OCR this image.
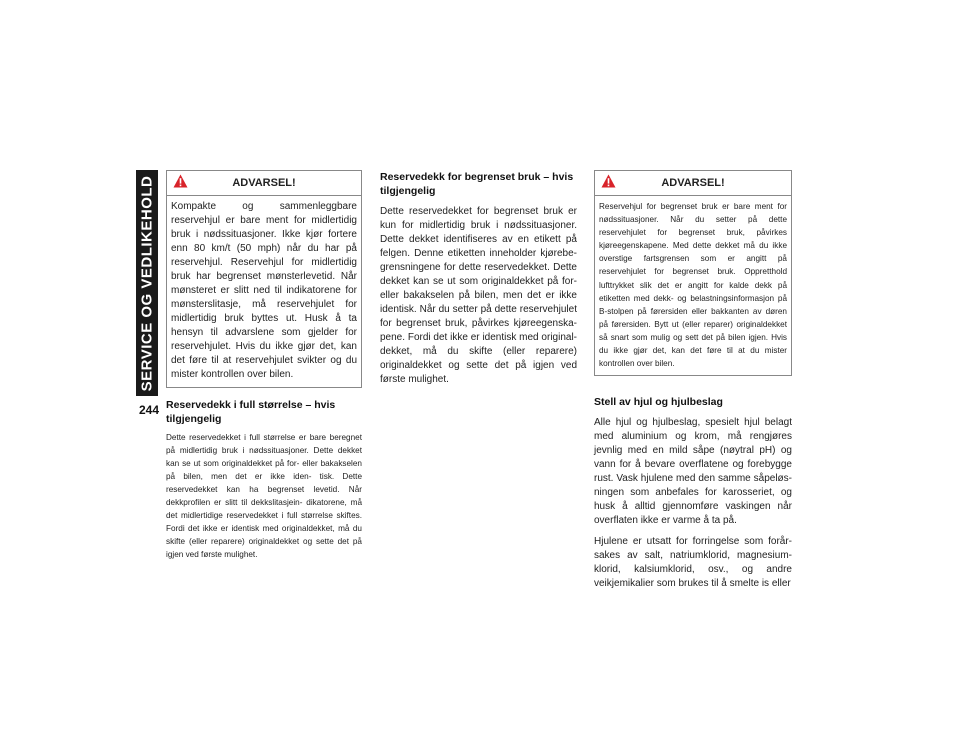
SERVICE OG VEDLIKEHOLD
244
ADVARSEL!
Kompakte og sammenleggbare reservehjul er bare ment for midlertidig bruk i nødssituasjoner. Ikke kjør fortere enn 80 km/t (50 mph) når du har på reservehjul. Reservehjul for midlertidig bruk har begrenset mønsterlevetid. Når mønsteret er slitt ned til indikatorene for mønsterslitasje, må reservehjulet for midlertidig bruk byttes ut. Husk å ta hensyn til advarslene som gjelder for reservehjulet. Hvis du ikke gjør det, kan det føre til at reservehjulet svikter og du mister kontrollen over bilen.
Reservedekk i full størrelse – hvis tilgjengelig

Dette reservedekket i full størrelse er bare beregnet på midlertidig bruk i nødssituasjoner. Dette dekket kan se ut som originaldekket på for- eller bakakselen på bilen, men det er ikke iden- tisk. Dette reservedekket kan ha begrenset levetid. Når dekkprofilen er slitt til dekkslitasjein- dikatorene, må det midlertidige reservedekket i full størrelse skiftes. Fordi det ikke er identisk med originaldekket, må du skifte (eller reparere) originaldekket og sette det på igjen ved første mulighet.

Reservedekk for begrenset bruk – hvis tilgjengelig

Dette reservedekket for begrenset bruk er kun for midlertidig bruk i nødssituasjoner. Dette dekket identifiseres av en etikett på felgen. Denne etiketten inneholder kjørebe- grensningene for dette reservedekket. Dette dekket kan se ut som originaldekket på for- eller bakakselen på bilen, men det er ikke identisk. Når du setter på dette reservehjulet for begrenset bruk, påvirkes kjøreegenska- pene. Fordi det ikke er identisk med original- dekket, må du skifte (eller reparere) originaldekket og sette det på igjen ved første mulighet.

ADVARSEL!
Reservehjul for begrenset bruk er bare ment for nødssituasjoner. Når du setter på dette reservehjulet for begrenset bruk, påvirkes kjøreegenskapene. Med dette dekket må du ikke overstige fartsgrensen som er angitt på reservehjulet for begrenset bruk. Oppretthold lufttrykket slik det er angitt for kalde dekk på etiketten med dekk- og belastningsinformasjon på B-stolpen på førersiden eller bakkanten av døren på førersiden. Bytt ut (eller reparer) originaldekket så snart som mulig og sett det på bilen igjen. Hvis du ikke gjør det, kan det føre til at du mister kontrollen over bilen.
Stell av hjul og hjulbeslag

Alle hjul og hjulbeslag, spesielt hjul belagt med aluminium og krom, må rengjøres jevnlig med en mild såpe (nøytral pH) og vann for å bevare overflatene og forebygge rust. Vask hjulene med den samme såpeløs- ningen som anbefales for karosseriet, og husk å alltid gjennomføre vaskingen når overflaten ikke er varme å ta på.

Hjulene er utsatt for forringelse som forår- sakes av salt, natriumklorid, magnesium- klorid, kalsiumklorid, osv., og andre veikjemikalier som brukes til å smelte is eller
